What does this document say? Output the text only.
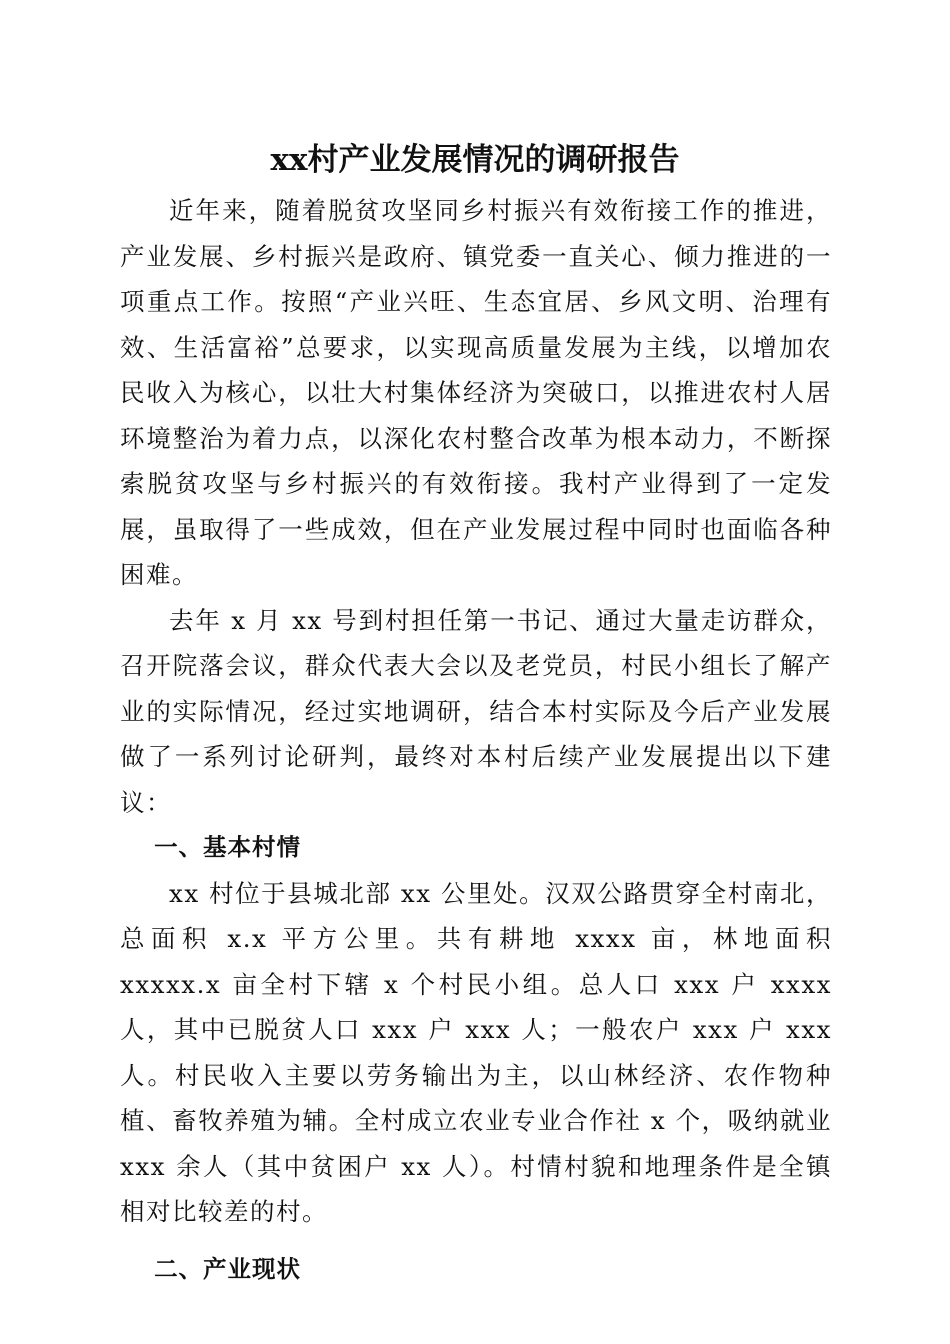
xx村产业发展情况的调研报告

近年来，随着脱贫攻坚同乡村振兴有效衔接工作的推进，产业发展、乡村振兴是政府、镇党委一直关心、倾力推进的一项重点工作。按照“产业兴旺、生态宜居、乡风文明、治理有效、生活富裕”总要求，以实现高质量发展为主线，以增加农民收入为核心，以壮大村集体经济为突破口，以推进农村人居环境整治为着力点，以深化农村整合改革为根本动力，不断探索脱贫攻坚与乡村振兴的有效衔接。我村产业得到了一定发展，虽取得了一些成效，但在产业发展过程中同时也面临各种困难。

去年 x 月 xx 号到村担任第一书记、通过大量走访群众，召开院落会议，群众代表大会以及老党员，村民小组长了解产业的实际情况，经过实地调研，结合本村实际及今后产业发展做了一系列讨论研判，最终对本村后续产业发展提出以下建议：

一、基本村情

xx 村位于县城北部 xx 公里处。汉双公路贯穿全村南北，总面积 x.x 平方公里。共有耕地 xxxx 亩，林地面积 xxxxx.x 亩全村下辖 x 个村民小组。总人口 xxx 户 xxxx 人，其中已脱贫人口 xxx 户 xxx 人；一般农户 xxx 户 xxx 人。村民收入主要以劳务输出为主，以山林经济、农作物种植、畜牧养殖为辅。全村成立农业专业合作社 x 个，吸纳就业 xxx 余人（其中贫困户 xx 人）。村情村貌和地理条件是全镇相对比较差的村。

二、产业现状
